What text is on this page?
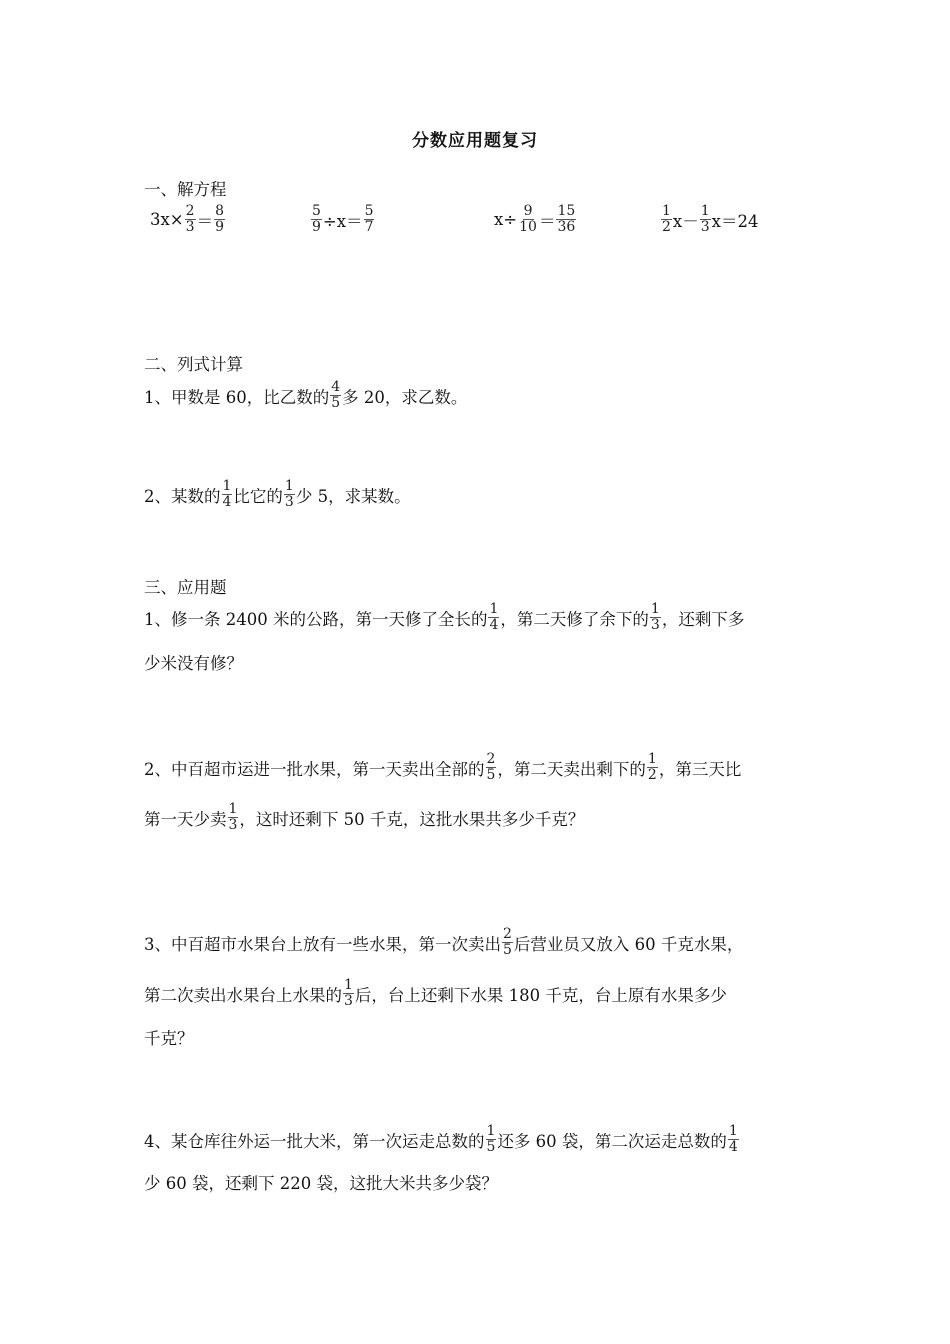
分数应用题复习
一、解方程
$3x\times \frac{2}{3} = \frac{8}{9}$	$\frac{5}{9} \div x= \frac{5}{7}$	$x\div \frac{9}{10} = \frac{15}{36}$	$\frac{1}{2} x- \frac{1}{3} x=24$
二、列式计算
1、甲数是 60，比乙数的 $\frac{4}{5}$ 多 20，求乙数。
2、某数的 $\frac{1}{4}$ 比它的 $\frac{1}{3}$ 少 5，求某数。
三、应用题
1、修一条 2400 米的公路，第一天修了全长的 $\frac{1}{4}$ ，第二天修了余下的 $\frac{1}{3}$ ，还剩下多
少米没有修？
2、中百超市运进一批水果，第一天卖出全部的 $\frac{2}{5}$ ，第二天卖出剩下的 $\frac{1}{2}$ ，第三天比
第一天少卖 $\frac{1}{3}$ ，这时还剩下 50 千克，这批水果共多少千克？
3、中百超市水果台上放有一些水果，第一次卖出 $\frac{2}{5}$ 后营业员又放入 60 千克水果，
第二次卖出水果台上水果的 $\frac{1}{3}$ 后，台上还剩下水果 180 千克，台上原有水果多少
千克？
4、某仓库往外运一批大米，第一次运走总数的 $\frac{1}{5}$ 还多 60 袋，第二次运走总数的 $\frac{1}{4}$
少 60 袋，还剩下 220 袋，这批大米共多少袋？
